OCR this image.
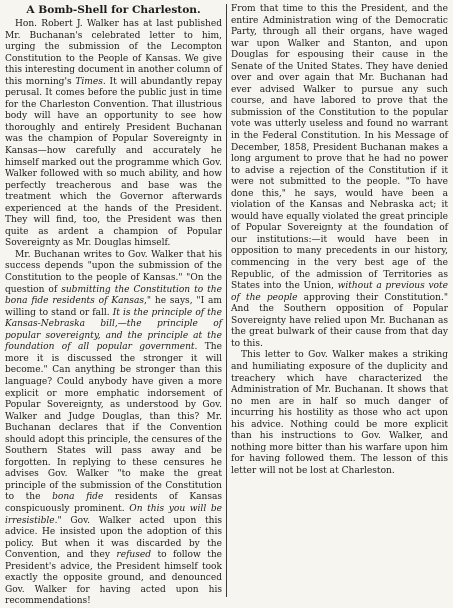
A Bomb-Shell for Charleston.

Hon. Robert J. Walker has at last published Mr. Buchanan's celebrated letter to him, urging the submission of the Lecompton Constitution to the People of Kansas. We give this interesting document in another column of this morning's Times. It will abundantly repay perusal. It comes before the public just in time for the Charleston Convention. That illustrious body will have an opportunity to see how thoroughly and entirely President Buchanan was the champion of Popular Sovereignty in Kansas—how carefully and accurately he himself marked out the programme which Gov. Walker followed with so much ability, and how perfectly treacherous and base was the treatment which the Governor afterwards experienced at the hands of the President. They will find, too, the President was then quite as ardent a champion of Popular Sovereignty as Mr. Douglas himself.

Mr. Buchanan writes to Gov. Walker that his success depends "upon the submission of the Constitution to the people of Kansas." "On the question of submitting the Constitution to the bona fide residents of Kansas," he says, "I am willing to stand or fall. It is the principle of the Kansas-Nebraska bill,—the principle of popular sovereignty, and the principle at the foundation of all popular government. The more it is discussed the stronger it will become." Can anything be stronger than this language? Could anybody have given a more explicit or more emphatic indorsement of Popular Sovereignty, as understood by Gov. Walker and Judge Douglas, than this? Mr. Buchanan declares that if the Convention should adopt this principle, the censures of the Southern States will pass away and be forgotten. In replying to these censures he advises Gov. Walker "to make the great principle of the submission of the Constitution to the bona fide residents of Kansas conspicuously prominent. On this you will be irresistible." Gov. Walker acted upon this advice. He insisted upon the adoption of this policy. But when it was discarded by the Convention, and they refused to follow the President's advice, the President himself took exactly the opposite ground, and denounced Gov. Walker for having acted upon his recommendations!

From that time to this the President, and the entire Administration wing of the Democratic Party, through all their organs, have waged war upon Walker and Stanton, and upon Douglas for espousing their cause in the Senate of the United States. They have denied over and over again that Mr. Buchanan had ever advised Walker to pursue any such course, and have labored to prove that the submission of the Constitution to the popular vote was utterly useless and found no warrant in the Federal Constitution. In his Message of December, 1858, President Buchanan makes a long argument to prove that he had no power to advise a rejection of the Constitution if it were not submitted to the people. "To have done this," he says, would have been a violation of the Kansas and Nebraska act; it would have equally violated the great principle of Popular Sovereignty at the foundation of our institutions:—it would have been in opposition to many precedents in our history, commencing in the very best age of the Republic, of the admission of Territories as States into the Union, without a previous vote of the people approving their Constitution." And the Southern opposition of Popular Sovereignty have relied upon Mr. Buchanan as the great bulwark of their cause from that day to this.

This letter to Gov. Walker makes a striking and humiliating exposure of the duplicity and treachery which have characterized the Administration of Mr. Buchanan. It shows that no men are in half so much danger of incurring his hostility as those who act upon his advice. Nothing could be more explicit than his instructions to Gov. Walker, and nothing more bitter than his warfare upon him for having followed them. The lesson of this letter will not be lost at Charleston.
